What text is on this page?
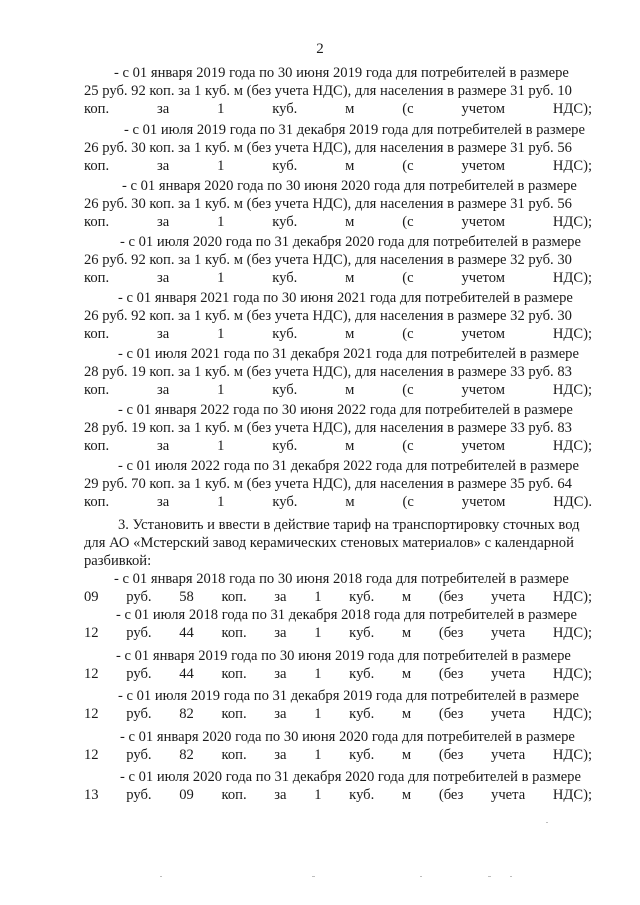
2
- с 01 января 2019 года по 30 июня 2019 года для потребителей в размере
25 руб. 92 коп. за 1 куб. м (без учета НДС), для населения в размере 31 руб. 10
коп. за 1 куб. м (с учетом НДС);
- с 01 июля 2019 года по 31 декабря 2019 года для потребителей в размере
26 руб. 30 коп. за 1 куб. м (без учета НДС), для населения в размере 31 руб. 56
коп. за 1 куб. м (с учетом НДС);
- с 01 января 2020 года по 30 июня 2020 года для потребителей в размере
26 руб. 30 коп. за 1 куб. м (без учета НДС), для населения в размере 31 руб. 56
коп. за 1 куб. м (с учетом НДС);
- с 01 июля 2020 года по 31 декабря 2020 года для потребителей в размере
26 руб. 92 коп. за 1 куб. м (без учета НДС), для населения в размере 32 руб. 30
коп. за 1 куб. м (с учетом НДС);
- с 01 января 2021 года по 30 июня 2021 года для потребителей в размере
26 руб. 92 коп. за 1 куб. м (без учета НДС), для населения в размере 32 руб. 30
коп. за 1 куб. м (с учетом НДС);
- с 01 июля 2021 года по 31 декабря 2021 года для потребителей в размере
28 руб. 19 коп. за 1 куб. м (без учета НДС), для населения в размере 33 руб. 83
коп. за 1 куб. м (с учетом НДС);
- с 01 января 2022 года по 30 июня 2022 года для потребителей в размере
28 руб. 19 коп. за 1 куб. м (без учета НДС), для населения в размере 33 руб. 83
коп. за 1 куб. м (с учетом НДС);
- с 01 июля 2022 года по 31 декабря 2022 года для потребителей в размере
29 руб. 70 коп. за 1 куб. м (без учета НДС), для населения в размере 35 руб. 64
коп. за 1 куб. м (с учетом НДС).
3. Установить и ввести в действие тариф на транспортировку сточных вод
для АО «Мстерский завод керамических стеновых материалов» с календарной
разбивкой:
- с 01 января 2018 года по 30 июня 2018 года для потребителей в размере
09 руб. 58 коп. за 1 куб. м (без учета НДС);
- с 01 июля 2018 года по 31 декабря 2018 года для потребителей в размере
12 руб. 44 коп. за 1 куб. м (без учета НДС);
- с 01 января 2019 года по 30 июня 2019 года для потребителей в размере
12 руб. 44 коп. за 1 куб. м (без учета НДС);
- с 01 июля 2019 года по 31 декабря 2019 года для потребителей в размере
12 руб. 82 коп. за 1 куб. м (без учета НДС);
- с 01 января 2020 года по 30 июня 2020 года для потребителей в размере
12 руб. 82 коп. за 1 куб. м (без учета НДС);
- с 01 июля 2020 года по 31 декабря 2020 года для потребителей в размере
13 руб. 09 коп. за 1 куб. м (без учета НДС);
